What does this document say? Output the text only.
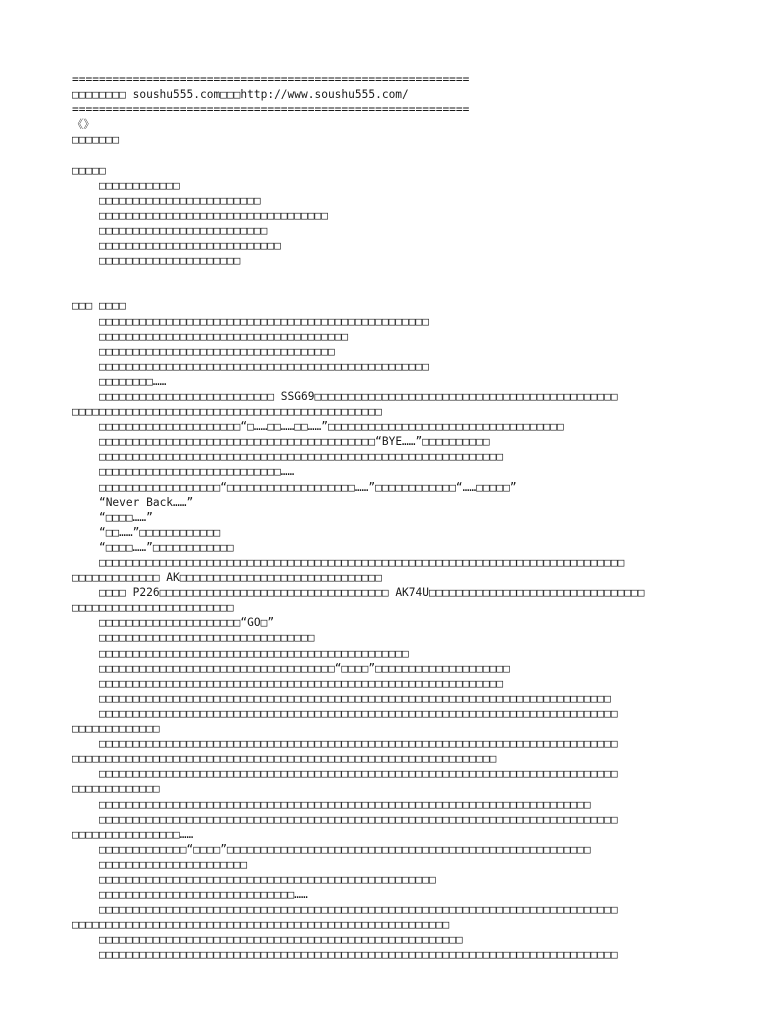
===========================================================
□□□□□□□□ soushu555.com□□□http://www.soushu555.com/
===========================================================
《》
□□□□□□□
□□□□□
□□□□□□□□□□□□
□□□□□□□□□□□□□□□□□□□□□□□□
□□□□□□□□□□□□□□□□□□□□□□□□□□□□□□□□□□
□□□□□□□□□□□□□□□□□□□□□□□□□
□□□□□□□□□□□□□□□□□□□□□□□□□□□
□□□□□□□□□□□□□□□□□□□□□
□□□ □□□□
□□□□□□□□□□□□□□□□□□□□□□□□□□□□□□□□□□□□□□□□□□□□□□□□□
□□□□□□□□□□□□□□□□□□□□□□□□□□□□□□□□□□□□□
□□□□□□□□□□□□□□□□□□□□□□□□□□□□□□□□□□□
□□□□□□□□□□□□□□□□□□□□□□□□□□□□□□□□□□□□□□□□□□□□□□□□□
□□□□□□□□……
□□□□□□□□□□□□□□□□□□□□□□□□□□ SSG69□□□□□□□□□□□□□□□□□□□□□□□□□□□□□□□□□□□□□□□□□□□□□
□□□□□□□□□□□□□□□□□□□□□□□□□□□□□□□□□□□□□□□□□□□□□□
□□□□□□□□□□□□□□□□□□□□□“□……□□……□□……”□□□□□□□□□□□□□□□□□□□□□□□□□□□□□□□□□□□
□□□□□□□□□□□□□□□□□□□□□□□□□□□□□□□□□□□□□□□□□“BYE……”□□□□□□□□□□
□□□□□□□□□□□□□□□□□□□□□□□□□□□□□□□□□□□□□□□□□□□□□□□□□□□□□□□□□□□□
□□□□□□□□□□□□□□□□□□□□□□□□□□□……
□□□□□□□□□□□□□□□□□□“□□□□□□□□□□□□□□□□□□□……”□□□□□□□□□□□□“……□□□□□”
“Never Back……”
“□□□□……”
“□□……”□□□□□□□□□□□□
“□□□□……”□□□□□□□□□□□□
□□□□□□□□□□□□□□□□□□□□□□□□□□□□□□□□□□□□□□□□□□□□□□□□□□□□□□□□□□□□□□□□□□□□□□□□□□□□□□
□□□□□□□□□□□□□ AK□□□□□□□□□□□□□□□□□□□□□□□□□□□□□□
□□□□ P226□□□□□□□□□□□□□□□□□□□□□□□□□□□□□□□□□□ AK74U□□□□□□□□□□□□□□□□□□□□□□□□□□□□□□□□
□□□□□□□□□□□□□□□□□□□□□□□□
□□□□□□□□□□□□□□□□□□□□□“GO□”
□□□□□□□□□□□□□□□□□□□□□□□□□□□□□□□□
□□□□□□□□□□□□□□□□□□□□□□□□□□□□□□□□□□□□□□□□□□□□□□
□□□□□□□□□□□□□□□□□□□□□□□□□□□□□□□□□□□“□□□□”□□□□□□□□□□□□□□□□□□□□
□□□□□□□□□□□□□□□□□□□□□□□□□□□□□□□□□□□□□□□□□□□□□□□□□□□□□□□□□□□□
□□□□□□□□□□□□□□□□□□□□□□□□□□□□□□□□□□□□□□□□□□□□□□□□□□□□□□□□□□□□□□□□□□□□□□□□□□□□
□□□□□□□□□□□□□□□□□□□□□□□□□□□□□□□□□□□□□□□□□□□□□□□□□□□□□□□□□□□□□□□□□□□□□□□□□□□□□
□□□□□□□□□□□□□
□□□□□□□□□□□□□□□□□□□□□□□□□□□□□□□□□□□□□□□□□□□□□□□□□□□□□□□□□□□□□□□□□□□□□□□□□□□□□
□□□□□□□□□□□□□□□□□□□□□□□□□□□□□□□□□□□□□□□□□□□□□□□□□□□□□□□□□□□□□□□
□□□□□□□□□□□□□□□□□□□□□□□□□□□□□□□□□□□□□□□□□□□□□□□□□□□□□□□□□□□□□□□□□□□□□□□□□□□□□
□□□□□□□□□□□□□
□□□□□□□□□□□□□□□□□□□□□□□□□□□□□□□□□□□□□□□□□□□□□□□□□□□□□□□□□□□□□□□□□□□□□□□□□
□□□□□□□□□□□□□□□□□□□□□□□□□□□□□□□□□□□□□□□□□□□□□□□□□□□□□□□□□□□□□□□□□□□□□□□□□□□□□
□□□□□□□□□□□□□□□□……
□□□□□□□□□□□□□“□□□□”□□□□□□□□□□□□□□□□□□□□□□□□□□□□□□□□□□□□□□□□□□□□□□□□□□□□□□
□□□□□□□□□□□□□□□□□□□□□□
□□□□□□□□□□□□□□□□□□□□□□□□□□□□□□□□□□□□□□□□□□□□□□□□□□
□□□□□□□□□□□□□□□□□□□□□□□□□□□□□……
□□□□□□□□□□□□□□□□□□□□□□□□□□□□□□□□□□□□□□□□□□□□□□□□□□□□□□□□□□□□□□□□□□□□□□□□□□□□□
□□□□□□□□□□□□□□□□□□□□□□□□□□□□□□□□□□□□□□□□□□□□□□□□□□□□□□□□
□□□□□□□□□□□□□□□□□□□□□□□□□□□□□□□□□□□□□□□□□□□□□□□□□□□□□□
□□□□□□□□□□□□□□□□□□□□□□□□□□□□□□□□□□□□□□□□□□□□□□□□□□□□□□□□□□□□□□□□□□□□□□□□□□□□□
